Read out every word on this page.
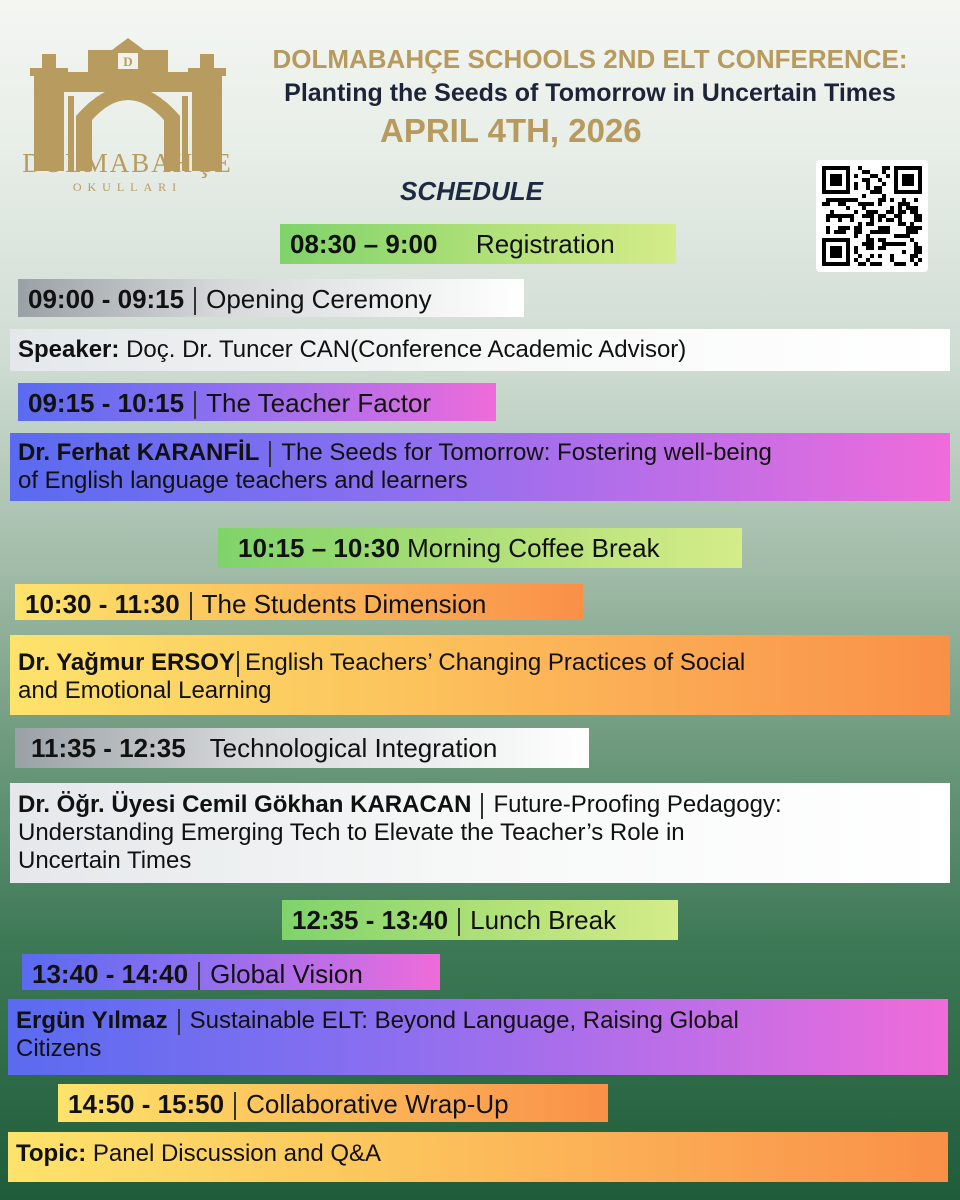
D
DOLMABAHÇE
OKULLARI
DOLMABAHÇE SCHOOLS 2ND ELT CONFERENCE:
Planting the Seeds of Tomorrow in Uncertain Times
APRIL 4TH, 2026
SCHEDULE
08:30 – 9:00 Registration
09:00 - 09:15 Opening Ceremony
Speaker: Doç. Dr. Tuncer CAN(Conference Academic Advisor)
09:15 - 10:15 The Teacher Factor
Dr. Ferhat KARANFİL The Seeds for Tomorrow: Fostering well-being
of English language teachers and learners
10:15 – 10:30 Morning Coffee Break
10:30 - 11:30 The Students Dimension
Dr. Yağmur ERSOY English Teachers’ Changing Practices of Social
and Emotional Learning
11:35 - 12:35 Technological Integration
Dr. Öğr. Üyesi Cemil Gökhan KARACAN Future-Proofing Pedagogy:
Understanding Emerging Tech to Elevate the Teacher’s Role in
Uncertain Times
12:35 - 13:40 Lunch Break
13:40 - 14:40 Global Vision
Ergün Yılmaz Sustainable ELT: Beyond Language, Raising Global
Citizens
14:50 - 15:50 Collaborative Wrap-Up
Topic: Panel Discussion and Q&A
